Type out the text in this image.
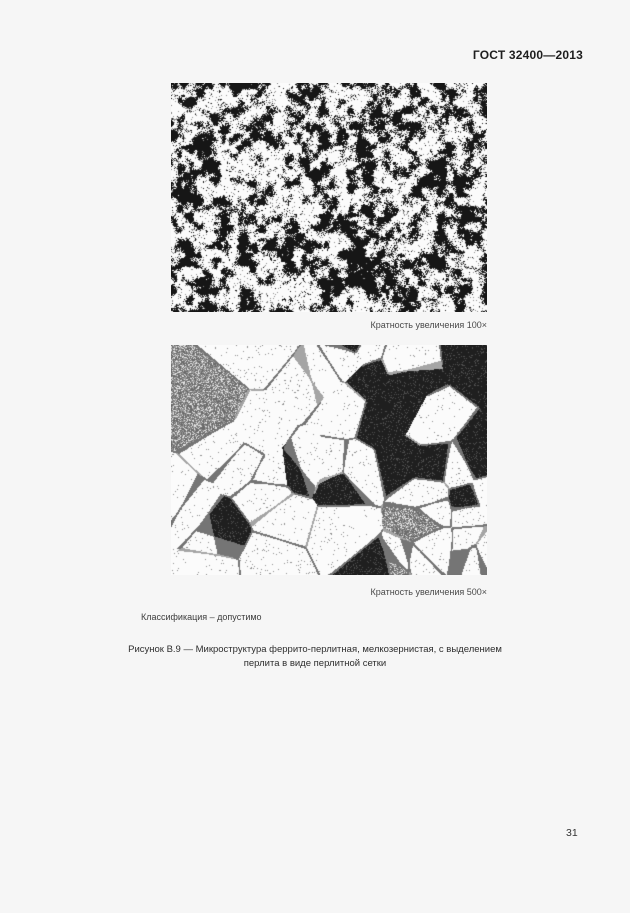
ГОСТ 32400—2013
Кратность увеличения 100×
Кратность увеличения 500×
Классификация – допустимо
Рисунок В.9 — Микроструктура феррито-перлитная, мелкозернистая, с выделением
перлита в виде перлитной сетки
31
